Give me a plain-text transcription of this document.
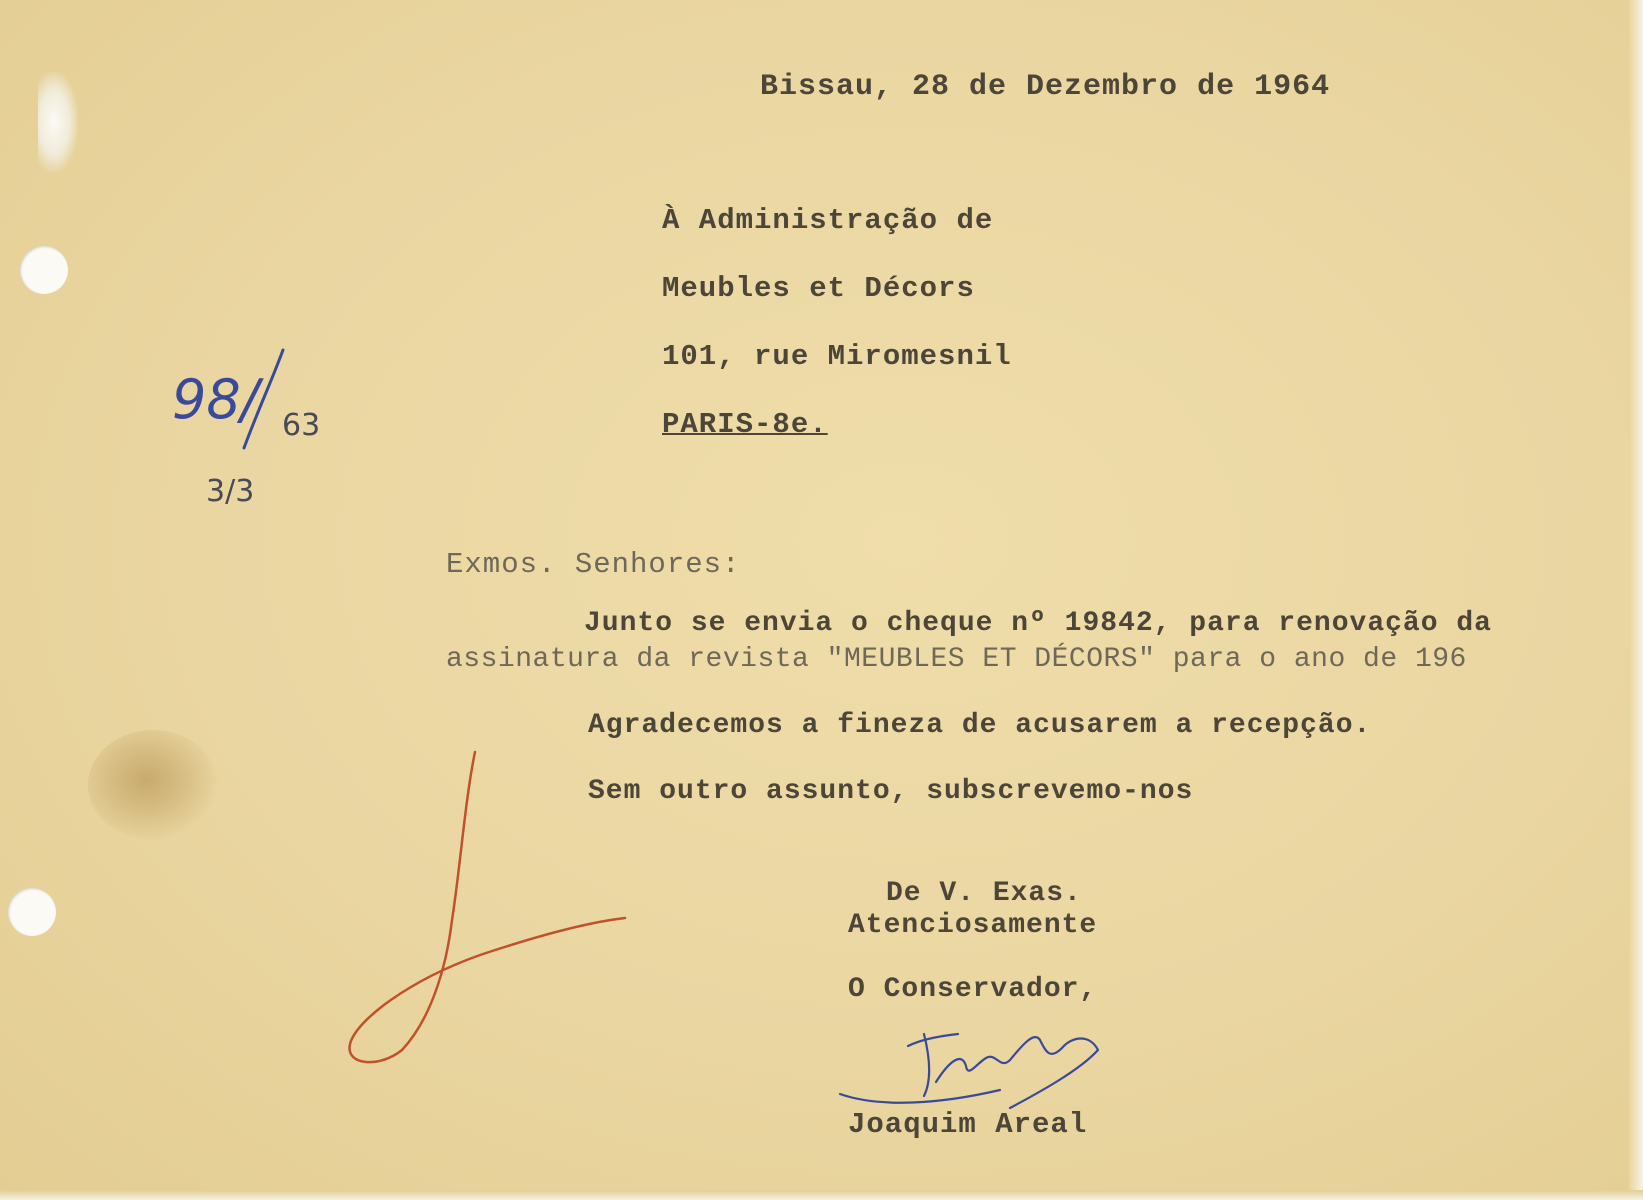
Bissau, 28 de Dezembro de 1964

À Administração de

Meubles et Décors

101, rue Miromesnil

PARIS-8e.

98/ 63

3/3

Exmos. Senhores:

Junto se envia o cheque nº 19842, para renovação da

assinatura da revista "MEUBLES ET DÉCORS" para o ano de 196

Agradecemos a fineza de acusarem a recepção.

Sem outro assunto, subscrevemo-nos

De V. Exas.

Atenciosamente

O Conservador,

Joaquim Areal
